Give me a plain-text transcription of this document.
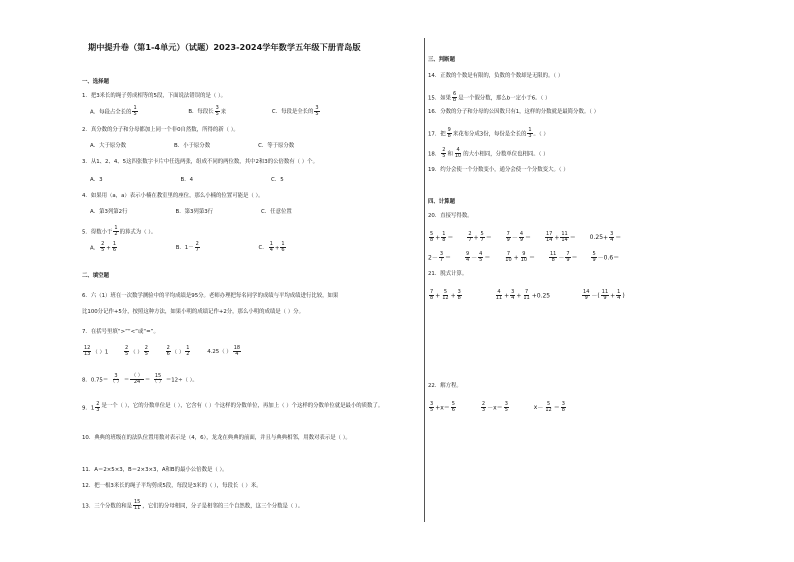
期中提升卷（第1-4单元）（试题）2023-2024学年数学五年级下册青岛版
一、选择题
1．把3米长的绳子剪成相等的5段，下面说法错误的是（ ）。
A．每段占全长的 $\frac{1}{5}$	B．每段长 $\frac{3}{5}$ 米	C．每段是全长的 $\frac{3}{5}$
2．真分数的分子和分母都加上同一个非0自然数，所得的新（ ）。
A．大于原分数	B．小于原分数	C．等于原分数
3．从1、2、4、5这四张数字卡片中任选两张，组成不同的两位数，其中2和3的公倍数有（ ）个。
A．3	B．4	C．5
4．如果用（a，a）表示小楠在教室里的座位，那么小楠的位置可能是（ ）。
A．第3列第2行	B．第3列第3行	C．任意位置
5．得数小于 $\frac{1}{2}$ 的算式为（ ）。
A． $\frac{2}{5} + \frac{1}{6}$	B．$1- \frac{2}{7}$	C． $\frac{1}{4} + \frac{1}{6}$
二、填空题
6．六（1）班在一次数学测验中的平均成绩是95分。老师办理把每名同学的成绩与平均成绩进行比较，如果
比100分记作+5分，按照这种方法，如果小明的成绩记作+2分，那么小明的成绩是（ ）分。
7．在括号里填“>”“<”或“=”。
$\frac{12}{13}$ （ ）1	$\frac{2}{5}$ （ ） $\frac{2}{5}$
	$\frac{2}{6}$ （ ） $\frac{1}{2}$	4.25（ ） $\frac{18}{4}$
8．0.75＝
3
（ ） ＝
（ ）
24 ＝
15
（ ） ＝12÷（ ）。
9．$1 \frac{2}{3}$ 是一个（ ），它的分数单位是（ ），它含有（ ）个这样的分数单位，再加上（ ）个这样的分数单位就是最小的质数了。
10．典典的班级在的法队位置用数对表示是（4，6），龙龙在典典的前面，并且与典典相邻，用数对表示是（ ）。
11．A＝2×5×3，B＝2×3×3，A和B的最小公倍数是（ ）。
12．把一根3米长的绳子平均剪成5段，每段是3米的（ ），每段长（ ）米。
13．三个分数的和是 $\frac{15}{11}$ ，它们的分母相同，分子是相邻的三个自然数，这三个分数是（ ）。
三、判断题
14．正数的个数是有限的，负数的个数却是无限的。（ ）
15．如果 $\frac{6}{b}$ 是一个假分数，那么b一定小于6。（ ）
16．分数的分子和分母的公因数只有1，这样的分数就是最简分数。（ ）
17．把 $\frac{9}{8}$ 米花布分成3份，每份是全长的 $\frac{1}{3}$ 。（ ）
18． $\frac{2}{5}$ 和 $\frac{4}{10}$ 的大小相同，分数单位也相同。（ ）
19．约分会使一个分数变小，通分会使一个分数变大。（ ）
四、计算题
20．直接写得数。
$\frac{5}{8} + \frac{1}{8} = \frac{2}{7} + \frac{5}{7} = \frac{7}{9} - \frac{4}{9} = \frac{17}{14} + \frac{11}{14} = 0.25+ \frac{3}{4}$ ＝
$2- \frac{3}{7} = \frac{9}{4} - \frac{4}{5} = \frac{7}{10} + \frac{9}{10} = \frac{11}{8} - \frac{7}{9} = \frac{5}{9} -0.6=$
21．脱式计算。
$\frac{7}{8} + \frac{5}{12} + \frac{3}{8}$
	$\frac{4}{11} + \frac{3}{4} + \frac{7}{11} +0.25$	$\frac{14}{9}$ －( $\frac{11}{9} + \frac{1}{4}$ )
22．解方程。
$\frac{3}{5} +x= \frac{5}{6}$
	$\frac{2}{3} -x= \frac{3}{5}$	$x- \frac{5}{12} = \frac{3}{8}$
